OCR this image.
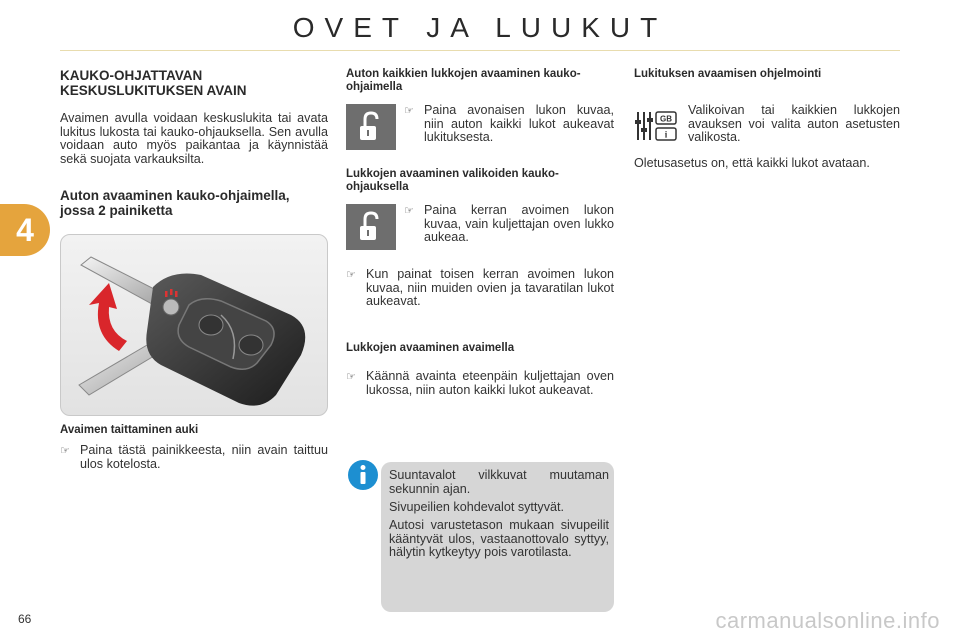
OVET JA LUUKUT
4
KAUKO-OHJATTAVAN
KESKUSLUKITUKSEN AVAIN
Avaimen avulla voidaan keskuslukita tai avata lukitus lukosta tai kauko-ohjauksella. Sen avulla voidaan auto myös paikantaa ja käynnistää sekä suojata varkauksilta.
Auton avaaminen kauko-ohjaimella, jossa 2 painiketta
Avaimen taittaminen auki
☞ Paina tästä painikkeesta, niin avain taittuu ulos kotelosta.
Auton kaikkien lukkojen avaaminen kauko-ohjaimella
☞ Paina avonaisen lukon kuvaa, niin auton kaikki lukot aukeavat lukituksesta.
Lukkojen avaaminen valikoiden kauko-ohjauksella
☞ Paina kerran avoimen lukon kuvaa, vain kuljettajan oven lukko aukeaa.
☞ Kun painat toisen kerran avoimen lukon kuvaa, niin muiden ovien ja tavaratilan lukot aukeavat.
Lukkojen avaaminen avaimella
☞ Käännä avainta eteenpäin kuljettajan oven lukossa, niin auton kaikki lukot aukeavat.
Suuntavalot vilkkuvat muutaman sekunnin ajan.
Sivupeilien kohdevalot syttyvät.
Autosi varustetason mukaan sivupeilit kääntyvät ulos, vastaanottovalo syttyy, hälytin kytkeytyy pois varotilasta.
Lukituksen avaamisen ohjelmointi
GB
i
Valikoivan tai kaikkien lukkojen avauksen voi valita auton asetusten valikosta.
Oletusasetus on, että kaikki lukot avataan.
66	carmanualsonline.info
